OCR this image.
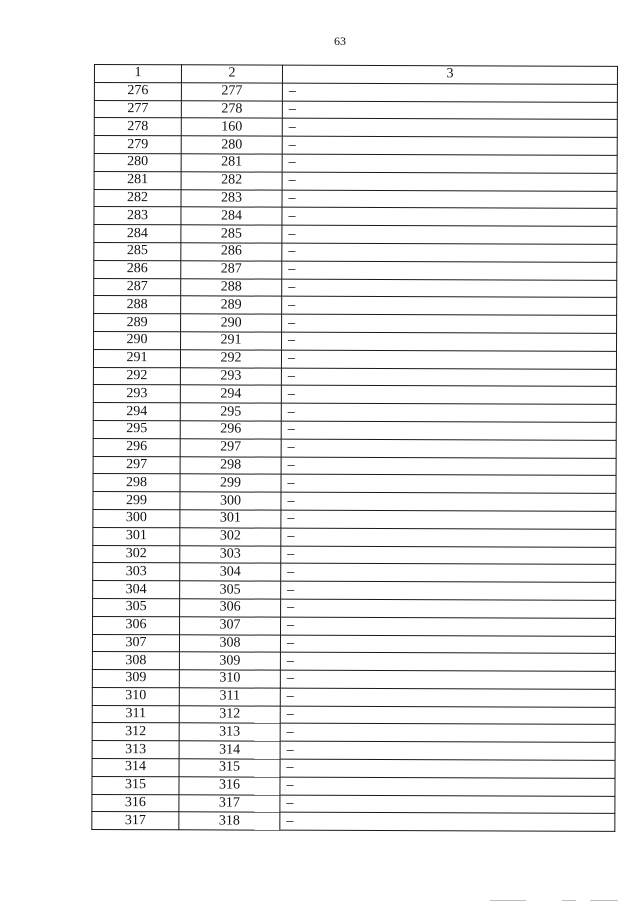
63
1	2	3
276	277	–
277	278	–
278	160	–
279	280	–
280	281	–
281	282	–
282	283	–
283	284	–
284	285	–
285	286	–
286	287	–
287	288	–
288	289	–
289	290	–
290	291	–
291	292	–
292	293	–
293	294	–
294	295	–
295	296	–
296	297	–
297	298	–
298	299	–
299	300	–
300	301	–
301	302	–
302	303	–
303	304	–
304	305	–
305	306	–
306	307	–
307	308	–
308	309	–
309	310	–
310	311	–
311	312	–
312	313	–
313	314	–
314	315	–
315	316	–
316	317	–
317	318	–
